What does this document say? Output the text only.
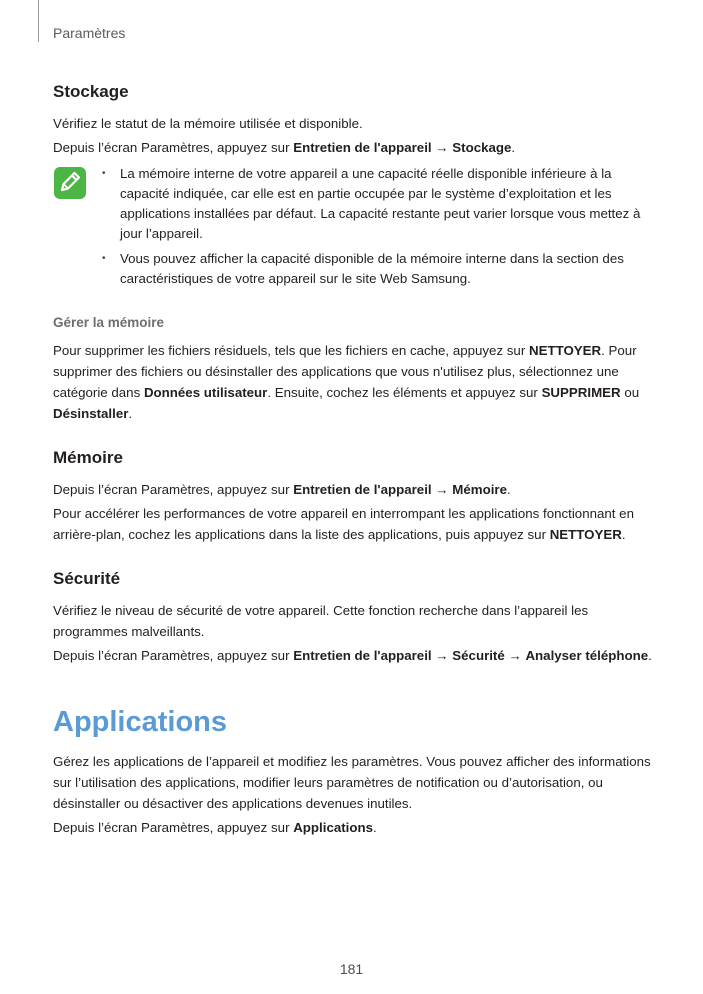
Paramètres
Stockage

Vérifiez le statut de la mémoire utilisée et disponible.

Depuis l’écran Paramètres, appuyez sur Entretien de l'appareil → Stockage.

• La mémoire interne de votre appareil a une capacité réelle disponible inférieure à la capacité indiquée, car elle est en partie occupée par le système d’exploitation et les applications installées par défaut. La capacité restante peut varier lorsque vous mettez à jour l’appareil.
• Vous pouvez afficher la capacité disponible de la mémoire interne dans la section des caractéristiques de votre appareil sur le site Web Samsung.
Gérer la mémoire

Pour supprimer les fichiers résiduels, tels que les fichiers en cache, appuyez sur NETTOYER. Pour supprimer des fichiers ou désinstaller des applications que vous n'utilisez plus, sélectionnez une catégorie dans Données utilisateur. Ensuite, cochez les éléments et appuyez sur SUPPRIMER ou Désinstaller.

Mémoire

Depuis l’écran Paramètres, appuyez sur Entretien de l'appareil → Mémoire.

Pour accélérer les performances de votre appareil en interrompant les applications fonctionnant en arrière-plan, cochez les applications dans la liste des applications, puis appuyez sur NETTOYER.

Sécurité

Vérifiez le niveau de sécurité de votre appareil. Cette fonction recherche dans l’appareil les programmes malveillants.

Depuis l’écran Paramètres, appuyez sur Entretien de l'appareil → Sécurité → Analyser téléphone.

Applications

Gérez les applications de l’appareil et modifiez les paramètres. Vous pouvez afficher des informations sur l’utilisation des applications, modifier leurs paramètres de notification ou d’autorisation, ou désinstaller ou désactiver des applications devenues inutiles.

Depuis l’écran Paramètres, appuyez sur Applications.

181
